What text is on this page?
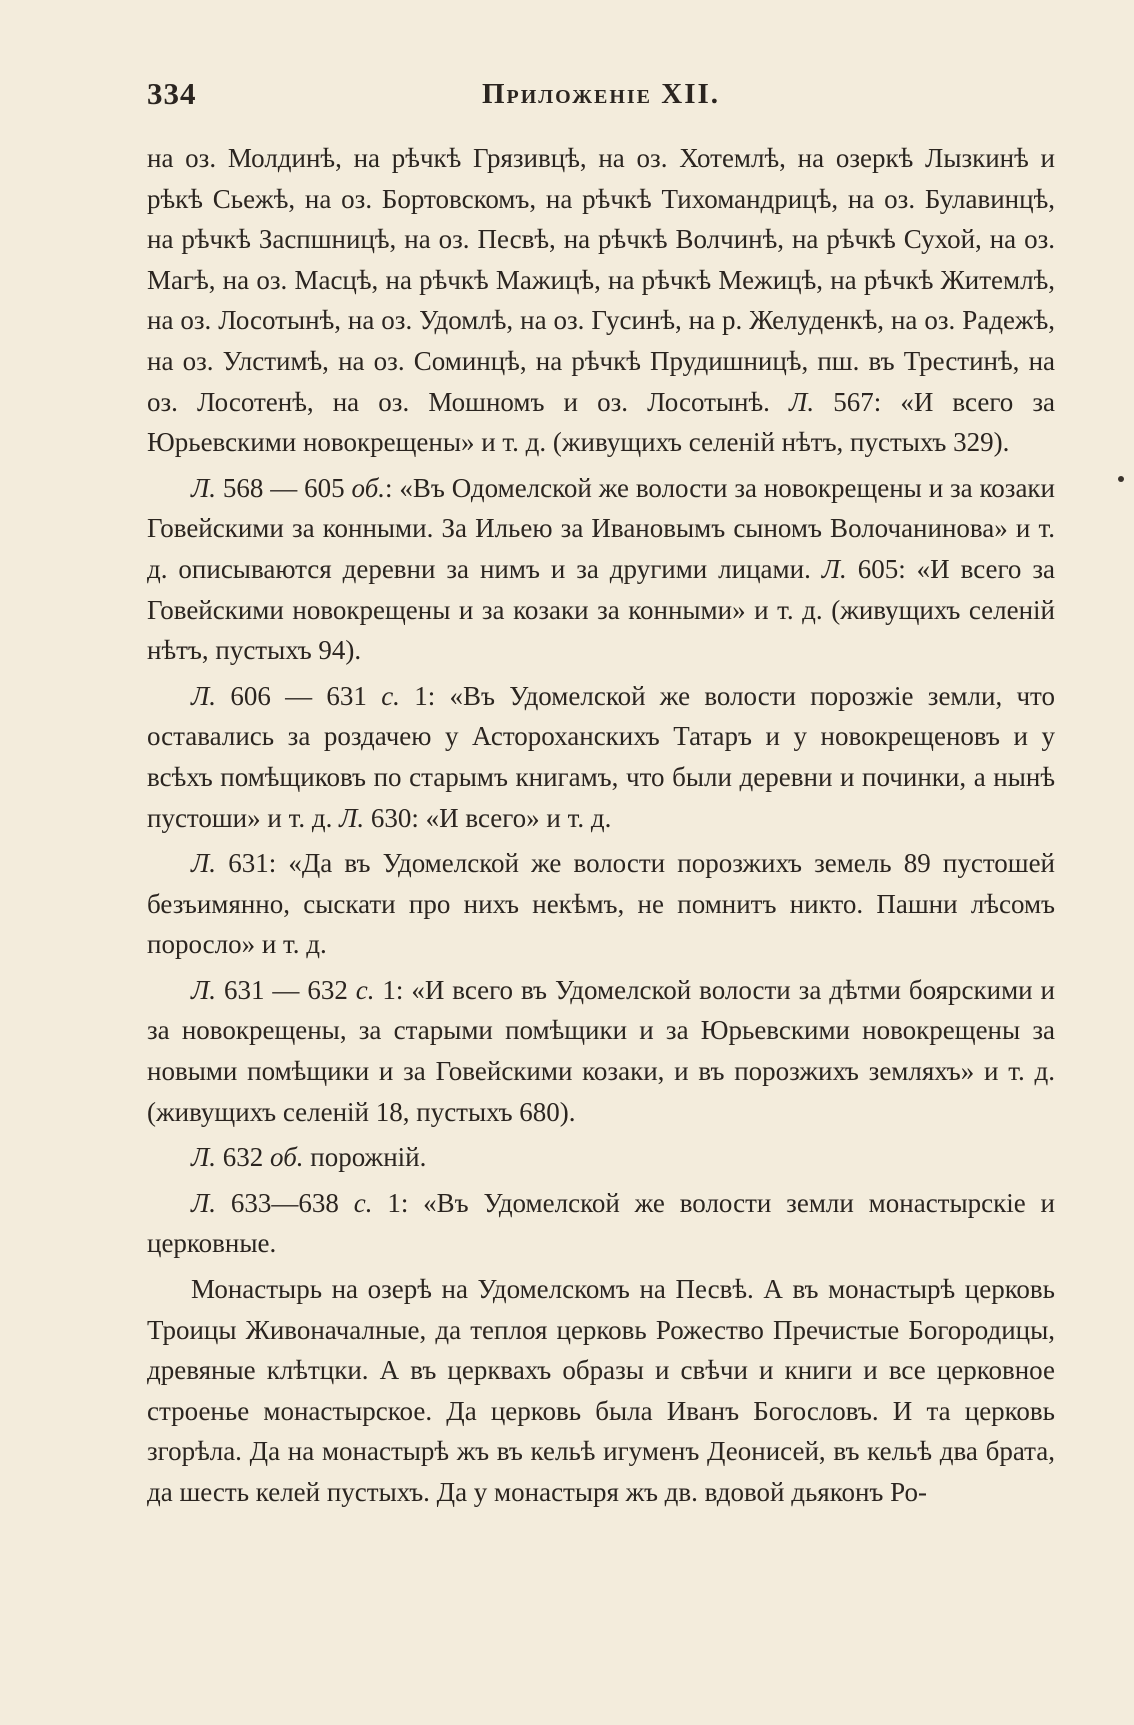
334	Приложенiе XII.

на оз. Молдинѣ, на рѣчкѣ Грязивцѣ, на оз. Хотемлѣ, на озеркѣ Лызкинѣ и рѣкѣ Сьежѣ, на оз. Бортовскомъ, на рѣчкѣ Тихомандрицѣ, на оз. Булавинцѣ, на рѣчкѣ Заспшницѣ, на оз. Песвѣ, на рѣчкѣ Волчинѣ, на рѣчкѣ Сухой, на оз. Магѣ, на оз. Масцѣ, на рѣчкѣ Мажицѣ, на рѣчкѣ Межицѣ, на рѣчкѣ Житемлѣ, на оз. Лосотынѣ, на оз. Удомлѣ, на оз. Гусинѣ, на р. Желуденкѣ, на оз. Радежѣ, на оз. Улстимѣ, на оз. Соминцѣ, на рѣчкѣ Прудишницѣ, пш. въ Трестинѣ, на оз. Лосотенѣ, на оз. Мошномъ и оз. Лосотынѣ. Л. 567: «И всего за Юрьевскими новокрещены» и т. д. (живущихъ селенiй нѣтъ, пустыхъ 329).

Л. 568 — 605 об.: «Въ Одомелской же волости за новокрещены и за козаки Говейскими за конными. За Ильею за Ивановымъ сыномъ Волочанинова» и т. д. описываются деревни за нимъ и за другими лицами. Л. 605: «И всего за Говейскими новокрещены и за козаки за конными» и т. д. (живущихъ селенiй нѣтъ, пустыхъ 94).

Л. 606 — 631 с. 1: «Въ Удомелской же волости порозжiе земли, что оставались за роздачею у Астороханскихъ Татаръ и у новокрещеновъ и у всѣхъ помѣщиковъ по старымъ книгамъ, что были деревни и починки, а нынѣ пустоши» и т. д. Л. 630: «И всего» и т. д.

Л. 631: «Да въ Удомелской же волости порозжихъ земель 89 пустошей безъимянно, сыскати про нихъ некѣмъ, не помнитъ никто. Пашни лѣсомъ поросло» и т. д.

Л. 631 — 632 с. 1: «И всего въ Удомелской волости за дѣтми боярскими и за новокрещены, за старыми помѣщики и за Юрьевскими новокрещены за новыми помѣщики и за Говейскими козаки, и въ порозжихъ земляхъ» и т. д. (живущихъ селенiй 18, пустыхъ 680).

Л. 632 об. порожнiй.

Л. 633—638 с. 1: «Въ Удомелской же волости земли монастырскiе и церковные.

Монастырь на озерѣ на Удомелскомъ на Песвѣ. А въ монастырѣ церковь Троицы Живоначалные, да теплоя церковь Рожество Пречистые Богородицы, древяные клѣтцки. А въ церквахъ образы и свѣчи и книги и все церковное строенье монастырское. Да церковь была Иванъ Богословъ. И та церковь згорѣла. Да на монастырѣ жъ въ кельѣ игуменъ Деонисей, въ кельѣ два брата, да шесть келей пустыхъ. Да у монастыря жъ дв. вдовой дьяконъ Ро-
